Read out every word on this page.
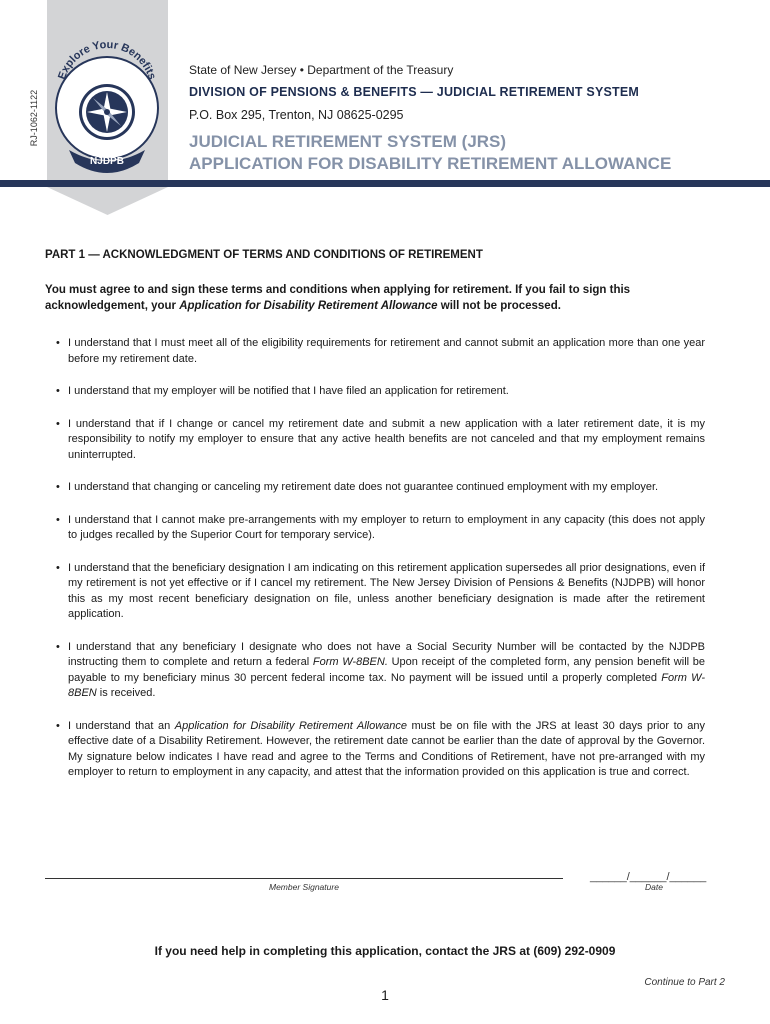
RJ-1062-1122
Explore Your Benefits
NJDPB
State of New Jersey • Department of the Treasury
DIVISION OF PENSIONS & BENEFITS — JUDICIAL RETIREMENT SYSTEM
P.O. Box 295, Trenton, NJ 08625-0295
JUDICIAL RETIREMENT SYSTEM (JRS)
APPLICATION FOR DISABILITY RETIREMENT ALLOWANCE
PART 1 — ACKNOWLEDGMENT OF TERMS AND CONDITIONS OF RETIREMENT
You must agree to and sign these terms and conditions when applying for retirement. If you fail to sign this acknowledgement, your Application for Disability Retirement Allowance will not be processed.
• I understand that I must meet all of the eligibility requirements for retirement and cannot submit an application more than one year before my retirement date.
• I understand that my employer will be notified that I have filed an application for retirement.
• I understand that if I change or cancel my retirement date and submit a new application with a later retirement date, it is my responsibility to notify my employer to ensure that any active health benefits are not canceled and that my employment remains uninterrupted.
• I understand that changing or canceling my retirement date does not guarantee continued employment with my employer.
• I understand that I cannot make pre-arrangements with my employer to return to employment in any capacity (this does not apply to judges recalled by the Superior Court for temporary service).
• I understand that the beneficiary designation I am indicating on this retirement application supersedes all prior designations, even if my retirement is not yet effective or if I cancel my retirement. The New Jersey Division of Pensions & Benefits (NJDPB) will honor this as my most recent beneficiary designation on file, unless another beneficiary designation is made after the retirement application.
• I understand that any beneficiary I designate who does not have a Social Security Number will be contacted by the NJDPB instructing them to complete and return a federal Form W-8BEN. Upon receipt of the completed form, any pension benefit will be payable to my beneficiary minus 30 percent federal income tax. No payment will be issued until a properly completed Form W-8BEN is received.
• I understand that an Application for Disability Retirement Allowance must be on file with the JRS at least 30 days prior to any effective date of a Disability Retirement. However, the retirement date cannot be earlier than the date of approval by the Governor. My signature below indicates I have read and agree to the Terms and Conditions of Retirement, have not pre-arranged with my employer to return to employment in any capacity, and attest that the information provided on this application is true and correct.
Member Signature
______/______/______
Date
If you need help in completing this application, contact the JRS at (609) 292-0909
Continue to Part 2
1
